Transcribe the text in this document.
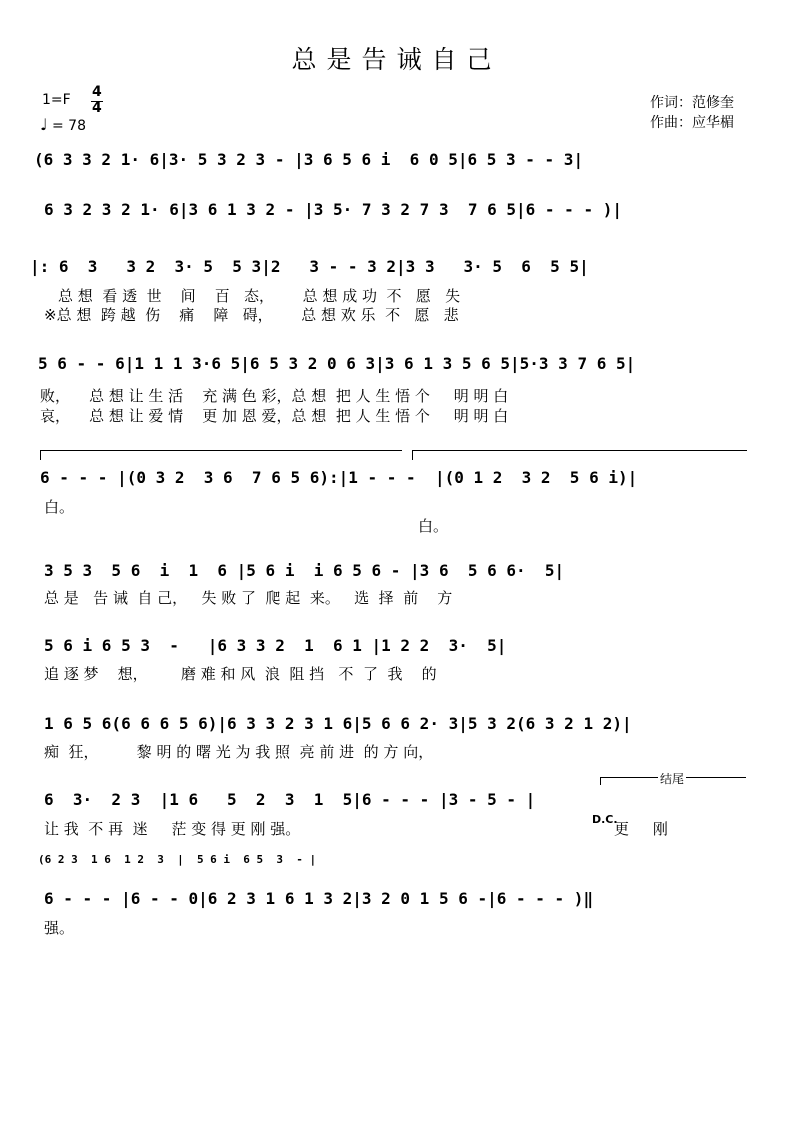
总是告诫自己
1=F 4
4
♩ = 78
作词：范修奎
作曲：应华楣
(6 3 3 2 1· 6|3· 5 3 2 3 - |3 6 5 6 i  6 0 5|6 5 3 - - 3|
6 3 2 3 2 1· 6|3 6 1 3 2 - |3 5· 7 3 2 7 3  7 6 5|6 - - - )|
|: 6  3   3 2  3· 5  5 3|2   3 - - 3 2|3 3   3· 5  6  5 5|
总 想  看 透  世    间    百   态，      总 想 成 功  不   愿   失
※总 想  跨 越  伤    痛    障   碍，      总 想 欢 乐  不   愿   悲
5 6 - - 6|1 1 1 3·6 5|6 5 3 2 0 6 3|3 6 1 3 5 6 5|5·3 3 7 6 5|
败，    总 想 让 生 活    充 满 色 彩，总 想  把 人 生 悟 个     明 明 白
哀，    总 想 让 爱 情    更 加 恩 爱，总 想  把 人 生 悟 个     明 明 白
6 - - - |(0 3 2  3 6  7 6 5 6):|1 - - -  |(0 1 2  3 2  5 6 i)|
白。
白。
3 5 3  5 6  i  1  6 |5 6 i  i 6 5 6 - |3 6  5 6 6·  5|
总 是   告 诫  自 己，   失 败 了  爬 起  来。   选  择  前    方
5 6 i 6 5 3  -   |6 3 3 2  1  6 1 |1 2 2  3·  5|
追 逐 梦    想，       磨 难 和 风  浪  阻 挡   不  了  我    的
1 6 5 6(6 6 6 5 6)|6 3 3 2 3 1 6|5 6 6 2· 3|5 3 2(6 3 2 1 2)|
痴  狂，        黎 明 的 曙 光 为 我 照  亮 前 进  的 方 向，
结尾
6  3·  2 3  |1 6   5  2  3  1  5|6 - - - |3 - 5 - |
让 我  不 再  迷     茫 变 得 更 刚 强。
D.C.
更     刚
(6 2 3  1 6  1 2  3  |  5 6 i  6 5  3  - |
6 - - - |6 - - 0|6 2 3 1 6 1 3 2|3 2 0 1 5 6 -|6 - - - )‖
强。
